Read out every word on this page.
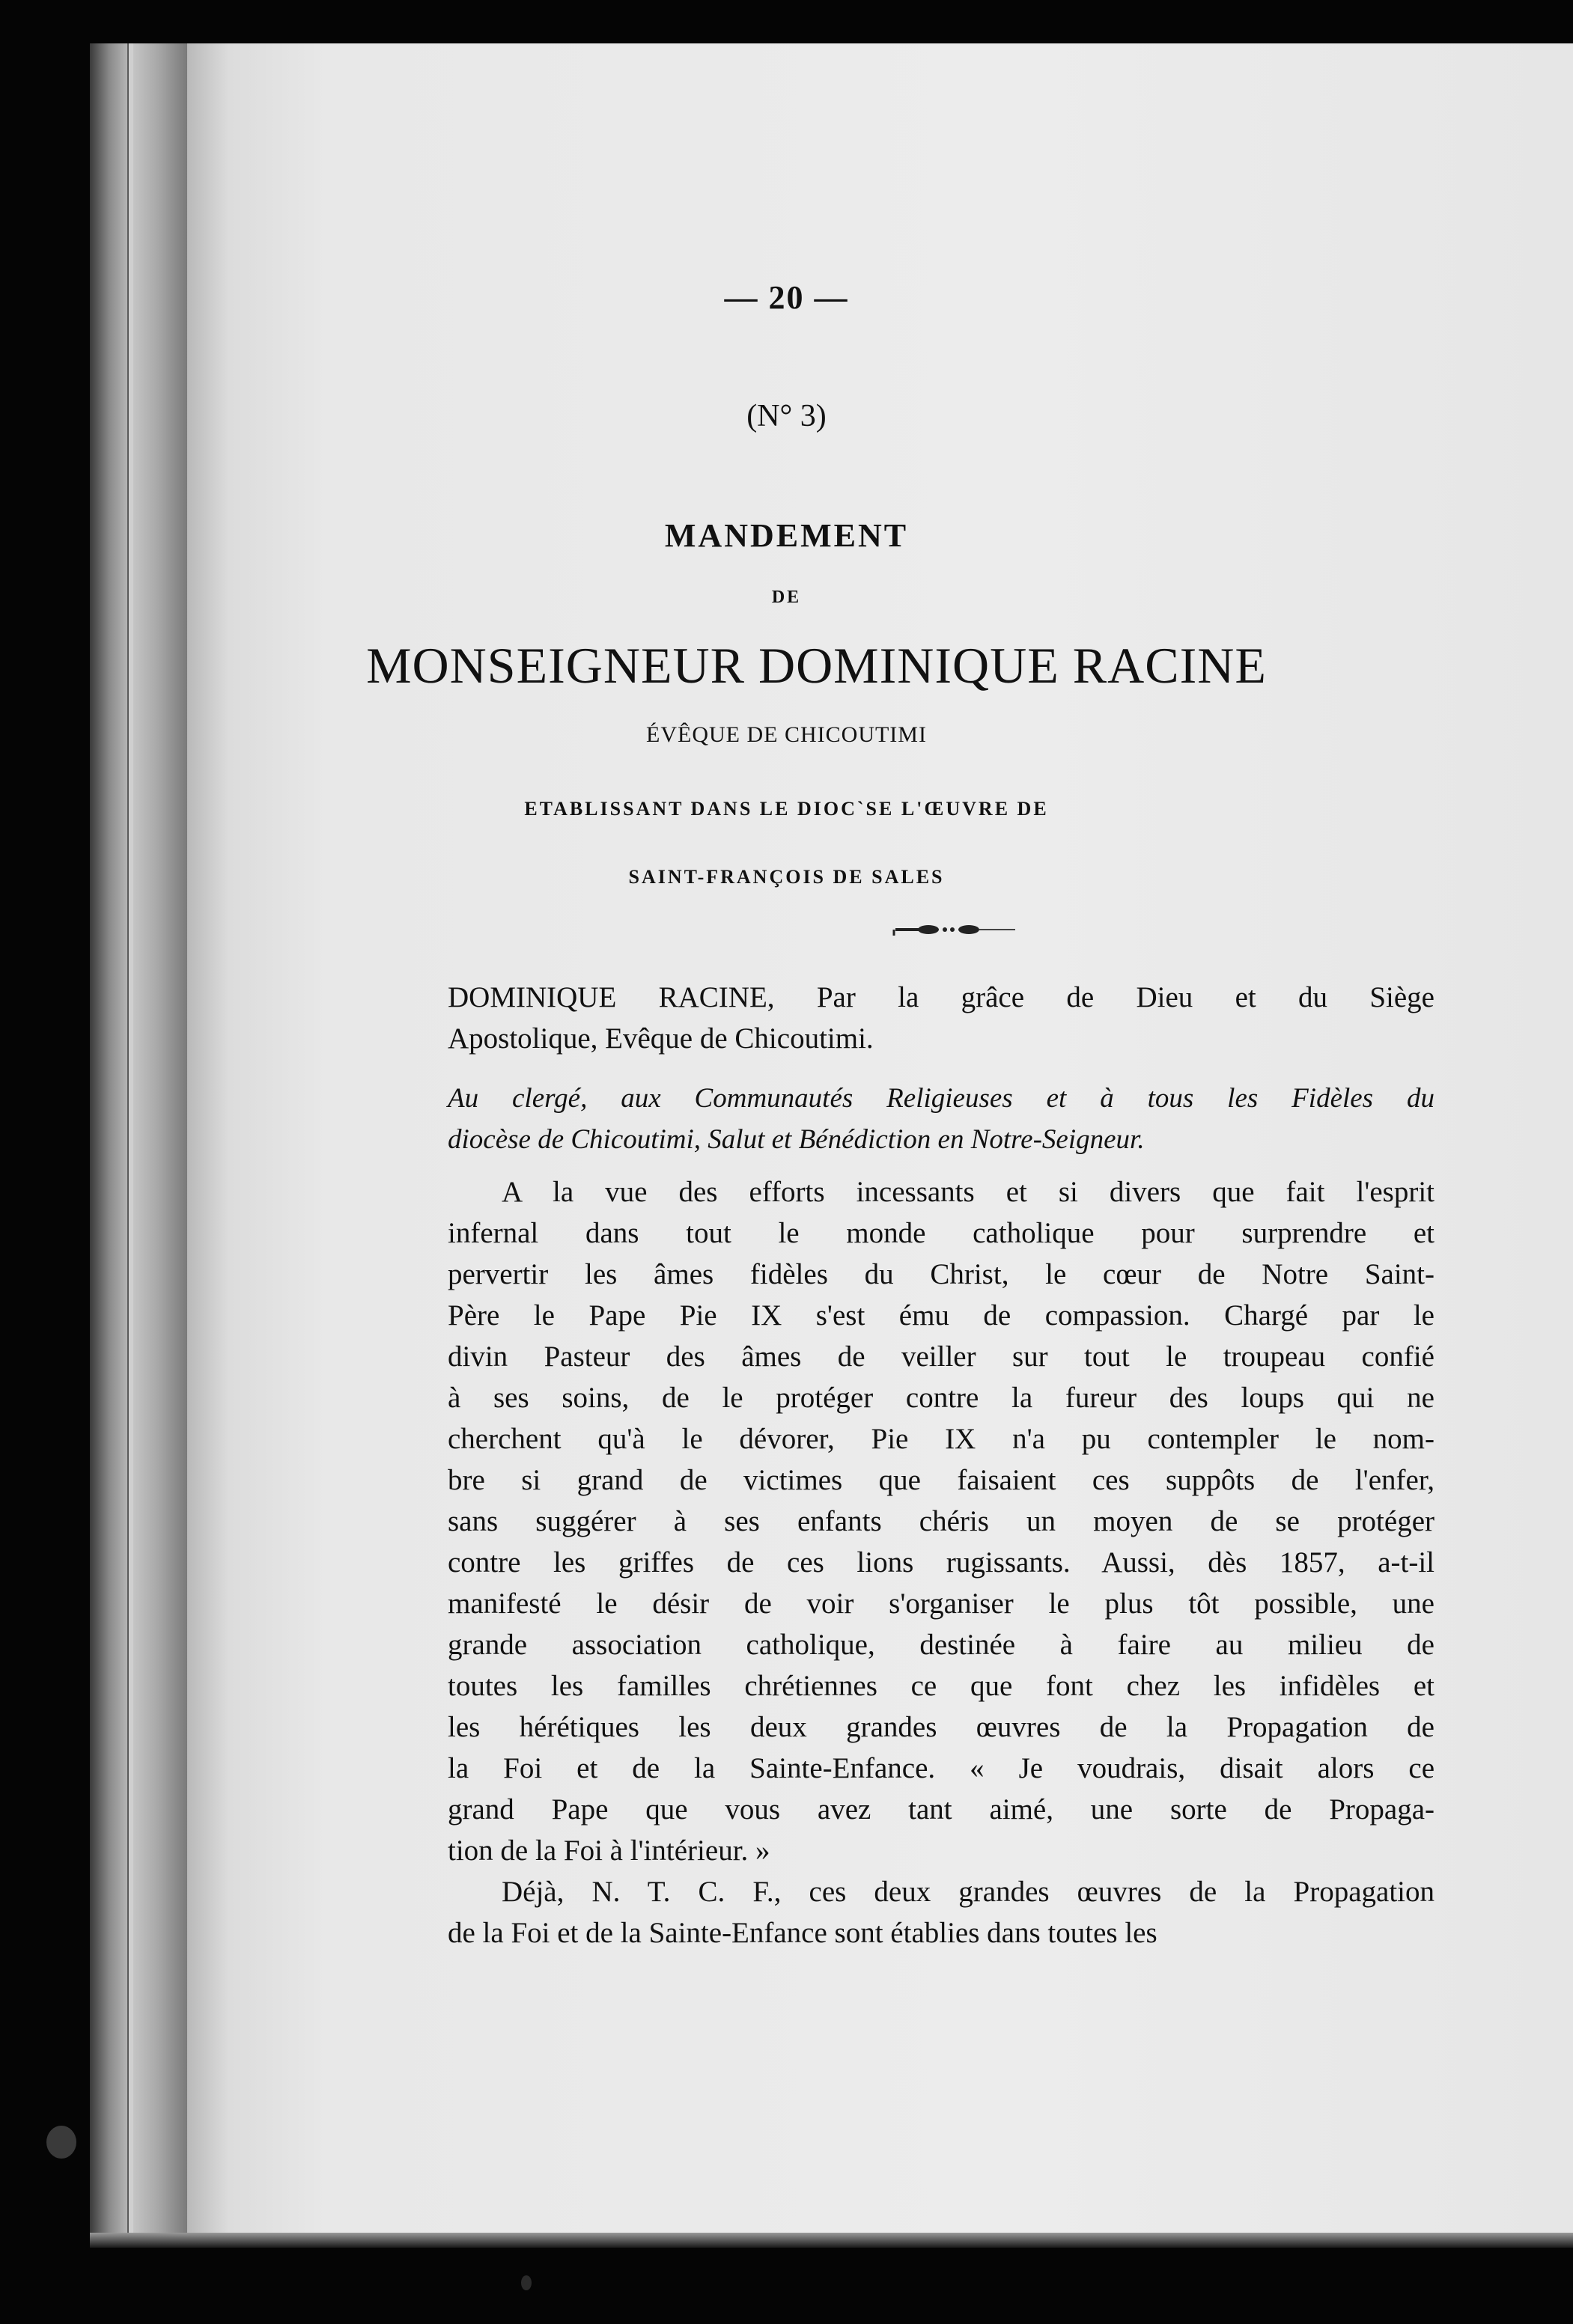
— 20 —
(N° 3)
MANDEMENT
DE
MONSEIGNEUR DOMINIQUE RACINE
ÉVÊQUE DE CHICOUTIMI
ETABLISSANT DANS LE DIOC`SE L'ŒUVRE DE
SAINT-FRANÇOIS DE SALES
DOMINIQUE RACINE, Par la grâce de Dieu et du Siège
Apostolique, Evêque de Chicoutimi.
Au clergé, aux Communautés Religieuses et à tous les Fidèles du
diocèse de Chicoutimi, Salut et Bénédiction en Notre-Seigneur.
A la vue des efforts incessants et si divers que fait l'esprit
infernal dans tout le monde catholique pour surprendre et
pervertir les âmes fidèles du Christ, le cœur de Notre Saint-
Père le Pape Pie IX s'est ému de compassion. Chargé par le
divin Pasteur des âmes de veiller sur tout le troupeau confié
à ses soins, de le protéger contre la fureur des loups qui ne
cherchent qu'à le dévorer, Pie IX n'a pu contempler le nom-
bre si grand de victimes que faisaient ces suppôts de l'enfer,
sans suggérer à ses enfants chéris un moyen de se protéger
contre les griffes de ces lions rugissants. Aussi, dès 1857, a-t-il
manifesté le désir de voir s'organiser le plus tôt possible, une
grande association catholique, destinée à faire au milieu de
toutes les familles chrétiennes ce que font chez les infidèles et
les hérétiques les deux grandes œuvres de la Propagation de
la Foi et de la Sainte-Enfance. « Je voudrais, disait alors ce
grand Pape que vous avez tant aimé, une sorte de Propaga-
tion de la Foi à l'intérieur. »
Déjà, N. T. C. F., ces deux grandes œuvres de la Propagation
de la Foi et de la Sainte-Enfance sont établies dans toutes les
